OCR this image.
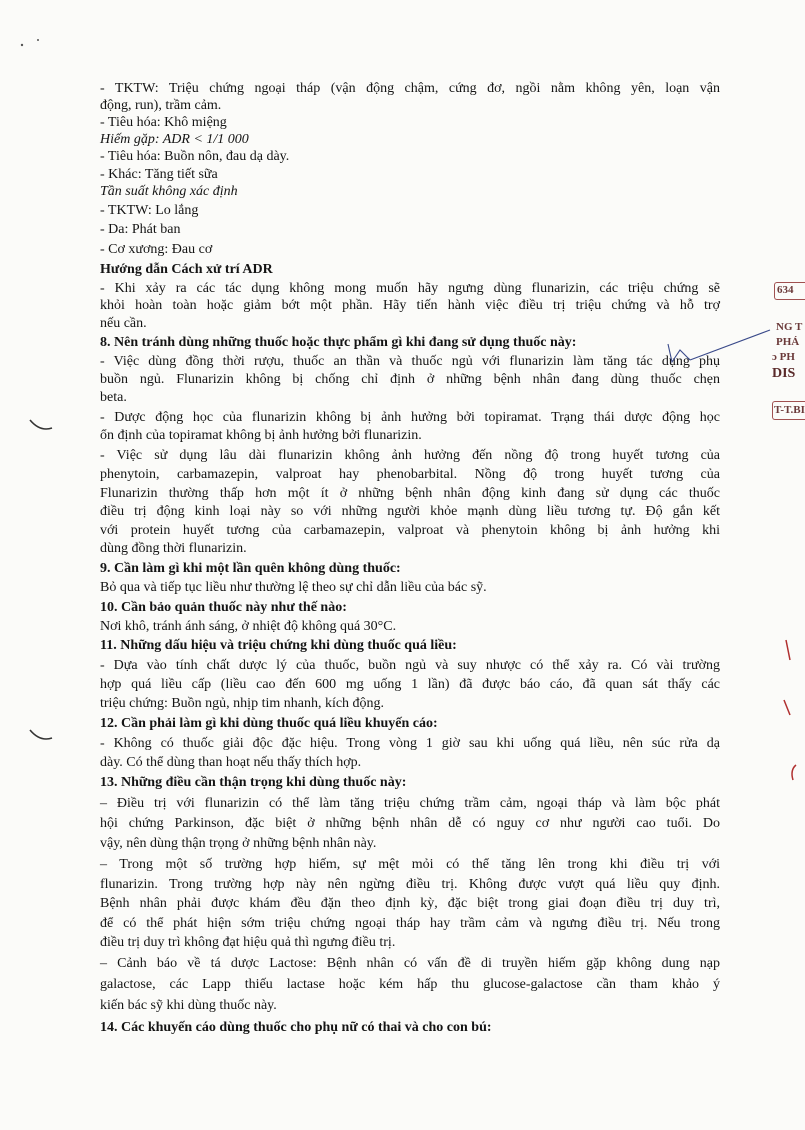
- TKTW: Triệu chứng ngoại tháp (vận động chậm, cứng đơ, ngồi nằm không yên, loạn vận
động, run), trầm cảm.
- Tiêu hóa: Khô miệng
Hiếm gặp: ADR < 1/1 000
- Tiêu hóa: Buồn nôn, đau dạ dày.
- Khác: Tăng tiết sữa
Tần suất không xác định
- TKTW: Lo lắng
- Da: Phát ban
- Cơ xương: Đau cơ
Hướng dẫn Cách xử trí ADR
- Khi xảy ra các tác dụng không mong muốn hãy ngưng dùng flunarizin, các triệu chứng sẽ
khỏi hoàn toàn hoặc giảm bớt một phần. Hãy tiến hành việc điều trị triệu chứng và hỗ trợ
nếu cần.
8. Nên tránh dùng những thuốc hoặc thực phẩm gì khi đang sử dụng thuốc này:
- Việc dùng đồng thời rượu, thuốc an thần và thuốc ngủ với flunarizin làm tăng tác dụng phụ
buồn ngủ. Flunarizin không bị chống chỉ định ở những bệnh nhân đang dùng thuốc chẹn
beta.
- Dược động học của flunarizin không bị ảnh hưởng bởi topiramat. Trạng thái dược động học
ổn định của topiramat không bị ảnh hưởng bởi flunarizin.
- Việc sử dụng lâu dài flunarizin không ảnh hưởng đến nồng độ trong huyết tương của
phenytoin, carbamazepin, valproat hay phenobarbital. Nồng độ trong huyết tương của
Flunarizin thường thấp hơn một ít ở những bệnh nhân động kinh đang sử dụng các thuốc
điều trị động kinh loại này so với những người khỏe mạnh dùng liều tương tự. Độ gắn kết
với protein huyết tương của carbamazepin, valproat và phenytoin không bị ảnh hưởng khi
dùng đồng thời flunarizin.
9. Cần làm gì khi một lần quên không dùng thuốc:
Bỏ qua và tiếp tục liều như thường lệ theo sự chỉ dẫn liều của bác sỹ.
10. Cần bảo quản thuốc này như thế nào:
Nơi khô, tránh ánh sáng, ở nhiệt độ không quá 30°C.
11. Những dấu hiệu và triệu chứng khi dùng thuốc quá liều:
- Dựa vào tính chất dược lý của thuốc, buồn ngủ và suy nhược có thể xảy ra. Có vài trường
hợp quá liều cấp (liều cao đến 600 mg uống 1 lần) đã được báo cáo, đã quan sát thấy các
triệu chứng: Buồn ngủ, nhịp tim nhanh, kích động.
12. Cần phải làm gì khi dùng thuốc quá liều khuyến cáo:
- Không có thuốc giải độc đặc hiệu. Trong vòng 1 giờ sau khi uống quá liều, nên súc rửa dạ
dày. Có thể dùng than hoạt nếu thấy thích hợp.
13. Những điều cần thận trọng khi dùng thuốc này:
– Điều trị với flunarizin có thể làm tăng triệu chứng trầm cảm, ngoại tháp và làm bộc phát
hội chứng Parkinson, đặc biệt ở những bệnh nhân dễ có nguy cơ như người cao tuổi. Do
vậy, nên dùng thận trọng ở những bệnh nhân này.
– Trong một số trường hợp hiếm, sự mệt mỏi có thể tăng lên trong khi điều trị với
flunarizin. Trong trường hợp này nên ngừng điều trị. Không được vượt quá liều quy định.
Bệnh nhân phải được khám đều đặn theo định kỳ, đặc biệt trong giai đoạn điều trị duy trì,
để có thể phát hiện sớm triệu chứng ngoại tháp hay trầm cảm và ngưng điều trị. Nếu trong
điều trị duy trì không đạt hiệu quả thì ngưng điều trị.
– Cảnh báo về tá dược Lactose: Bệnh nhân có vấn đề di truyền hiếm gặp không dung nạp
galactose, các Lapp thiếu lactase hoặc kém hấp thu glucose-galactose cần tham khảo ý
kiến bác sỹ khi dùng thuốc này.
14. Các khuyến cáo dùng thuốc cho phụ nữ có thai và cho con bú:
634
NG T
PHÁ
ɔ PH
DIS
T-T.BI
